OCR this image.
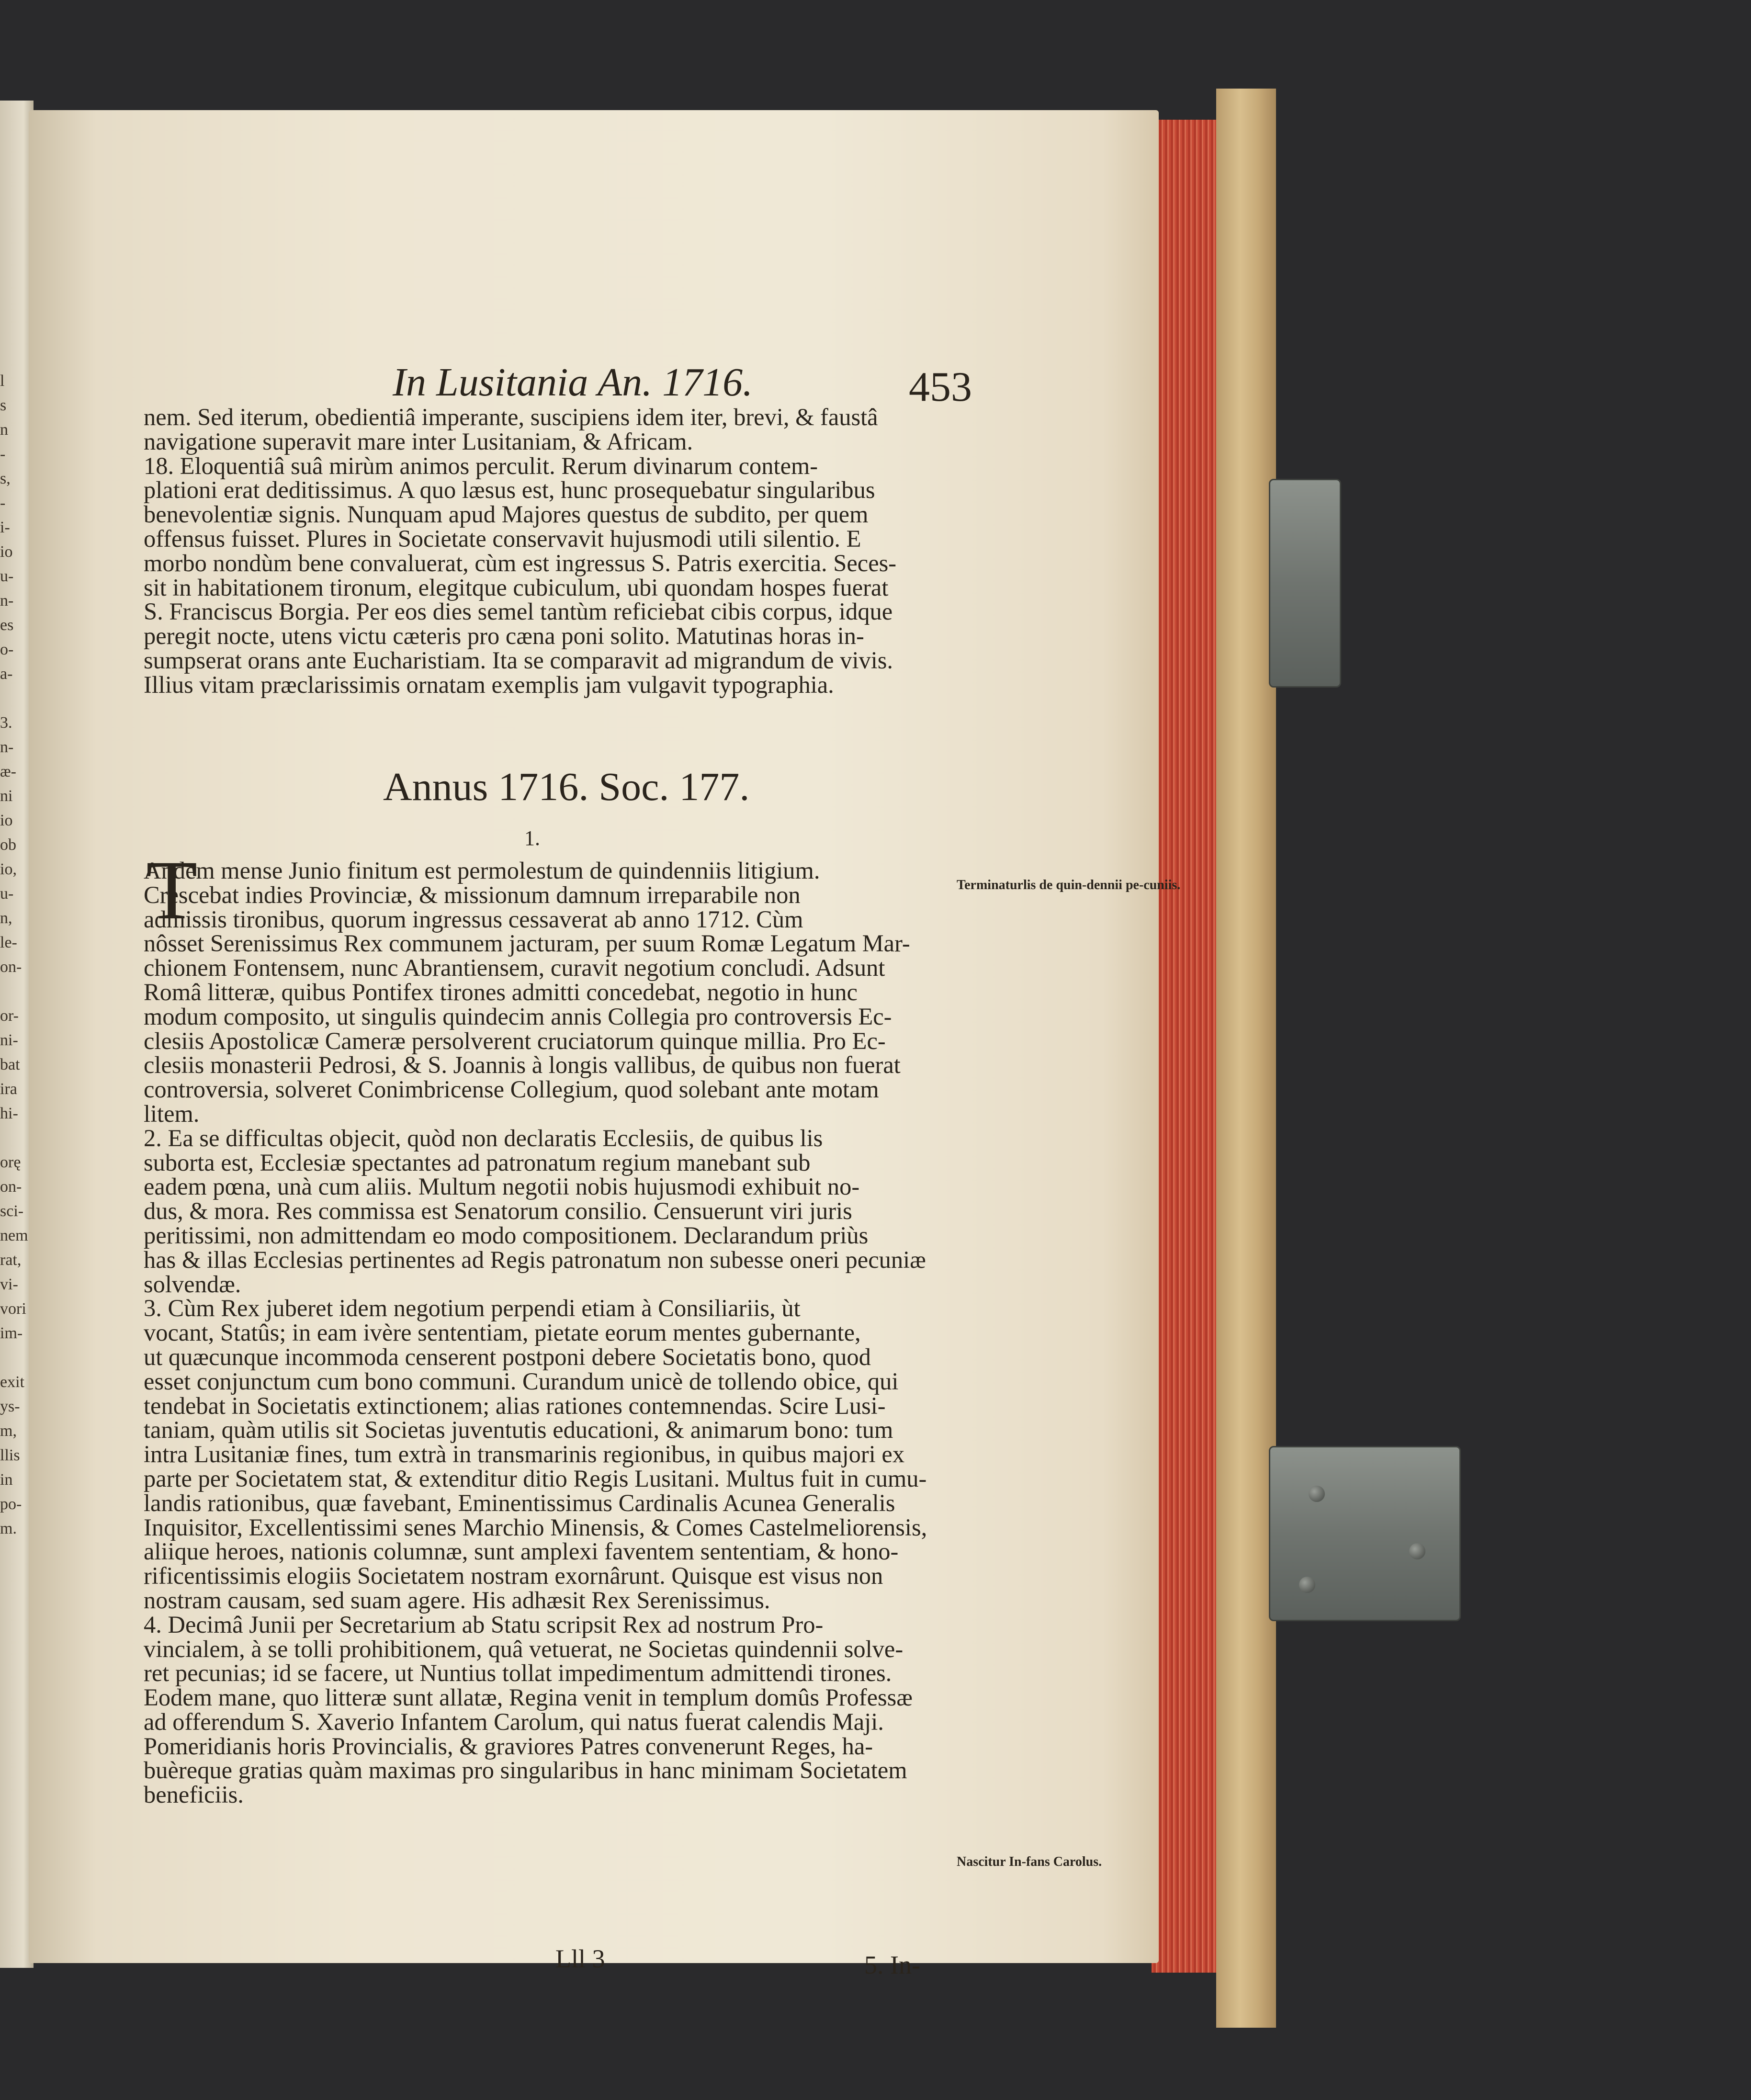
l
s
n
-
s,
-
i-
io
u-
n-
es
o-
a-
3.
n-
æ-
ni
io
ob
io,
u-
n,
le-
on-
or-
ni-
bat
ira
hi-
orę
on-
sci-
nem
rat,
vi-
vori
im-
exit
ys-
m,
llis
in
po-
m.
In Lusitania An. 1716.	453
nem. Sed iterum, obedientiâ imperante, suscipiens idem iter, brevi, & faustâ
navigatione superavit mare inter Lusitaniam, & Africam.
18. Eloquentiâ suâ mirùm animos perculit. Rerum divinarum contem-
plationi erat deditissimus. A quo læsus est, hunc prosequebatur singularibus
benevolentiæ signis. Nunquam apud Majores questus de subdito, per quem
offensus fuisset. Plures in Societate conservavit hujusmodi utili silentio. E
morbo nondùm bene convaluerat, cùm est ingressus S. Patris exercitia. Seces-
sit in habitationem tironum, elegitque cubiculum, ubi quondam hospes fuerat
S. Franciscus Borgia. Per eos dies semel tantùm reficiebat cibis corpus, idque
peregit nocte, utens victu cæteris pro cæna poni solito. Matutinas horas in-
sumpserat orans ante Eucharistiam. Ita se comparavit ad migrandum de vivis.
Illius vitam præclarissimis ornatam exemplis jam vulgavit typographia.
Annus 1716. Soc. 177.
1.
T
Andem mense Junio finitum est permolestum de quindenniis litigium.
Crescebat indies Provinciæ, & missionum damnum irreparabile non
admissis tironibus, quorum ingressus cessaverat ab anno 1712. Cùm
nôsset Serenissimus Rex communem jacturam, per suum Romæ Legatum Mar-
chionem Fontensem, nunc Abrantiensem, curavit negotium concludi. Adsunt
Româ litteræ, quibus Pontifex tirones admitti concedebat, negotio in hunc
modum composito, ut singulis quindecim annis Collegia pro controversis Ec-
clesiis Apostolicæ Cameræ persolverent cruciatorum quinque millia. Pro Ec-
clesiis monasterii Pedrosi, & S. Joannis à longis vallibus, de quibus non fuerat
controversia, solveret Conimbricense Collegium, quod solebant ante motam
litem.
2. Ea se difficultas objecit, quòd non declaratis Ecclesiis, de quibus lis
suborta est, Ecclesiæ spectantes ad patronatum regium manebant sub
eadem pœna, unà cum aliis. Multum negotii nobis hujusmodi exhibuit no-
dus, & mora. Res commissa est Senatorum consilio. Censuerunt viri juris
peritissimi, non admittendam eo modo compositionem. Declarandum priùs
has & illas Ecclesias pertinentes ad Regis patronatum non subesse oneri pecuniæ
solvendæ.
3. Cùm Rex juberet idem negotium perpendi etiam à Consiliariis, ùt
vocant, Statûs; in eam ivère sententiam, pietate eorum mentes gubernante,
ut quæcunque incommoda censerent postponi debere Societatis bono, quod
esset conjunctum cum bono communi. Curandum unicè de tollendo obice, qui
tendebat in Societatis extinctionem; alias rationes contemnendas. Scire Lusi-
taniam, quàm utilis sit Societas juventutis educationi, & animarum bono: tum
intra Lusitaniæ fines, tum extrà in transmarinis regionibus, in quibus majori ex
parte per Societatem stat, & extenditur ditio Regis Lusitani. Multus fuit in cumu-
landis rationibus, quæ favebant, Eminentissimus Cardinalis Acunea Generalis
Inquisitor, Excellentissimi senes Marchio Minensis, & Comes Castelmeliorensis,
aliique heroes, nationis columnæ, sunt amplexi faventem sententiam, & hono-
rificentissimis elogiis Societatem nostram exornârunt. Quisque est visus non
nostram causam, sed suam agere. His adhæsit Rex Serenissimus.
4. Decimâ Junii per Secretarium ab Statu scripsit Rex ad nostrum Pro-
vincialem, à se tolli prohibitionem, quâ vetuerat, ne Societas quindennii solve-
ret pecunias; id se facere, ut Nuntius tollat impedimentum admittendi tirones.
Eodem mane, quo litteræ sunt allatæ, Regina venit in templum domûs Professæ
ad offerendum S. Xaverio Infantem Carolum, qui natus fuerat calendis Maji.
Pomeridianis horis Provincialis, & graviores Patres convenerunt Reges, ha-
buèreque gratias quàm maximas pro singularibus in hanc minimam Societatem
beneficiis.
Terminaturlis de quin-dennii pe-cuniis.
Nascitur In-fans Carolus.
Lll 3	5. In-
